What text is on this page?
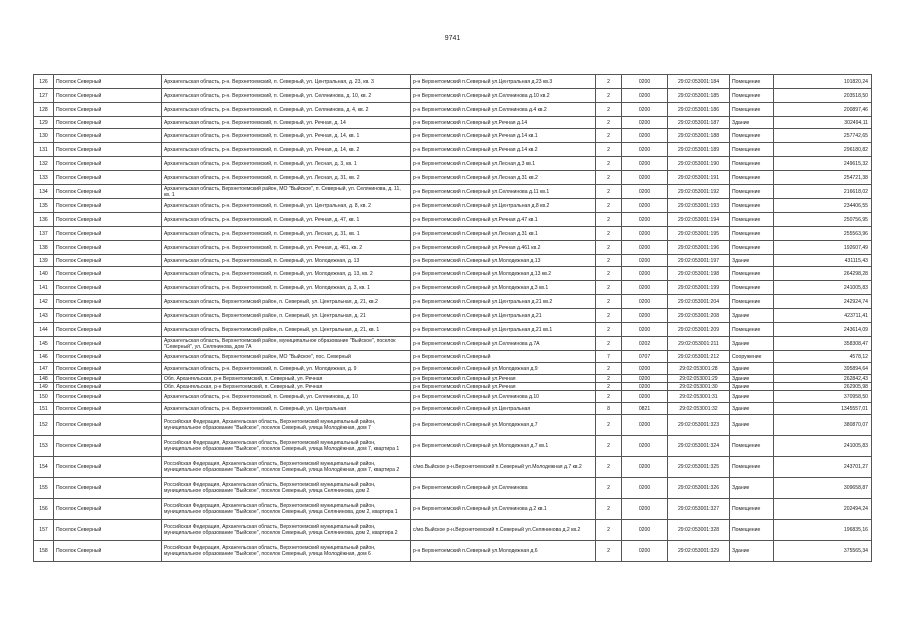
9741
126	Поселок Северный	Архангельская область, р-н. Верхнетоемский, п. Северный, ул. Центральная, д. 23, кв. 3	р-н Верхнетоемский п.Северный ул.Центральная д.23 кв.3	2	0200	29:02:053001:184	Помещение	101820,24
127	Поселок Северный	Архангельская область, р-н. Верхнетоемский, п. Северный, ул. Селянинова, д. 10, кв. 2	р-н Верхнетоемский п.Северный ул.Селянинова д.10 кв.2	2	0200	29:02:053001:185	Помещение	203518,50
128	Поселок Северный	Архангельская область, р-н. Верхнетоемский, п. Северный, ул. Селянинова, д. 4, кв. 2	р-н Верхнетоемский п.Северный ул.Селянинова д.4 кв.2	2	0200	29:02:053001:186	Помещение	200897,46
129	Поселок Северный	Архангельская область, р-н. Верхнетоемский, п. Северный, ул. Речная, д. 14	р-н Верхнетоемский п.Северный ул.Речная д.14	2	0200	29:02:053001:187	Здание	302494,11
130	Поселок Северный	Архангельская область, р-н. Верхнетоемский, п. Северный, ул. Речная, д. 14, кв. 1	р-н Верхнетоемский п.Северный ул.Речная д.14 кв.1	2	0200	29:02:053001:188	Помещение	257742,65
131	Поселок Северный	Архангельская область, р-н. Верхнетоемский, п. Северный, ул. Речная, д. 14, кв. 2	р-н Верхнетоемский п.Северный ул.Речная д.14 кв.2	2	0200	29:02:053001:189	Помещение	296180,82
132	Поселок Северный	Архангельская область, р-н. Верхнетоемский, п. Северный, ул. Лесная, д. 3, кв. 1	р-н Верхнетоемский п.Северный ул.Лесная д.3 кв.1	2	0200	29:02:053001:190	Помещение	249615,32
133	Поселок Северный	Архангельская область, р-н. Верхнетоемский, п. Северный, ул. Лесная, д. 31, кв. 2	р-н Верхнетоемский п.Северный ул.Лесная д.31 кв.2	2	0200	29:02:053001:191	Помещение	254721,38
134	Поселок Северный	Архангельская область, Верхнетоемский район, МО "Выйское", п. Северный, ул. Селянинова, д. 11, кв. 1	р-н Верхнетоемский п.Северный ул.Селянинова д.11 кв.1	2	0200	29:02:053001:192	Помещение	216618,02
135	Поселок Северный	Архангельская область, р-н. Верхнетоемский, п. Северный, ул. Центральная, д. 8, кв. 2	р-н Верхнетоемский п.Северный ул.Центральная д.8 кв.2	2	0200	29:02:053001:193	Помещение	234406,55
136	Поселок Северный	Архангельская область, р-н. Верхнетоемский, п. Северный, ул. Речная, д. 47, кв. 1	р-н Верхнетоемский п.Северный ул.Речная д.47 кв.1	2	0200	29:02:053001:194	Помещение	250756,95
137	Поселок Северный	Архангельская область, р-н. Верхнетоемский, п. Северный, ул. Лесная, д. 31, кв. 1	р-н Верхнетоемский п.Северный ул.Лесная д.31 кв.1	2	0200	29:02:053001:195	Помещение	255563,96
138	Поселок Северный	Архангельская область, р-н. Верхнетоемский, п. Северный, ул. Речная, д. 461, кв. 2	р-н Верхнетоемский п.Северный ул.Речная д.461 кв.2	2	0200	29:02:053001:196	Помещение	192607,49
139	Поселок Северный	Архангельская область, р-н. Верхнетоемский, п. Северный, ул. Молодежная, д. 13	р-н Верхнетоемский п.Северный ул.Молодежная д.13	2	0200	29:02:053001:197	Здание	431115,43
140	Поселок Северный	Архангельская область, р-н. Верхнетоемский, п. Северный, ул. Молодежная, д. 13, кв. 2	р-н Верхнетоемский п.Северный ул.Молодежная д.13 кв.2	2	0200	29:02:053001:198	Помещение	264298,28
141	Поселок Северный	Архангельская область, р-н. Верхнетоемский, п. Северный, ул. Молодежная, д. 3, кв. 1	р-н Верхнетоемский п.Северный ул.Молодежная д.3 кв.1	2	0200	29:02:053001:199	Помещение	241005,83
142	Поселок Северный	Архангельская область, Верхнетоемский район, п. Северный, ул. Центральная, д. 21, кв.2	р-н Верхнетоемский п.Северный ул.Центральная д.21 кв.2	2	0200	29:02:053001:204	Помещение	242924,74
143	Поселок Северный	Архангельская область, Верхнетоемский район, п. Северный, ул. Центральная, д. 21	р-н Верхнетоемский п.Северный ул.Центральная д.21	2	0200	29:02:053001:208	Здание	423711,41
144	Поселок Северный	Архангельская область, Верхнетоемский район, п. Северный, ул. Центральная, д. 21, кв. 1	р-н Верхнетоемский п.Северный ул.Центральная д.21 кв.1	2	0200	29:02:053001:209	Помещение	243614,09
145	Поселок Северный	Архангельская область, Верхнетоемский район, муниципальное образование "Выйское", поселок "Северный", ул. Селянинова, дом 7А	р-н Верхнетоемский п.Северный ул.Селянинова д.7А	2	0202	29:02:053001:211	Здание	358308,47
146	Поселок Северный	Архангельская область, Верхнетоемский район, МО "Выйское", пос. Северный	р-н Верхнетоемский п.Северный	7	0707	29:02:053001:212	Сооружение	4578,12
147	Поселок Северный	Архангельская область, р-н. Верхнетоемский, п. Северный, ул. Молодежная, д. 9	р-н Верхнетоемский п.Северный ул.Молодежная д.9	2	0200	29:02:053001:28	Здание	395894,64
148	Поселок Северный	Обл. Архангельская, р-н Верхнетоемский, п. Северный, ул. Речная	р-н Верхнетоемский п.Северный ул.Речная	2	0200	29:02:053001:29	Здание	262842,43
149	Поселок Северный	Обл. Архангельская, р-н Верхнетоемский, п. Северный, ул. Речная	р-н Верхнетоемский п.Северный ул.Речная	2	0200	29:02:053001:30	Здание	262905,98
150	Поселок Северный	Архангельская область, р-н. Верхнетоемский, п. Северный, ул. Селянинова, д. 10	р-н Верхнетоемский п.Северный ул.Селянинова д.10	2	0200	29:02:053001:31	Здание	370958,50
151	Поселок Северный	Архангельская область, р-н. Верхнетоемский, п. Северный, ул. Центральная	р-н Верхнетоемский п.Северный ул.Центральная	8	0821	29:02:053001:32	Здание	1345557,01
152	Поселок Северный	Российская Федерация, Архангельская область, Верхнетоемский муниципальный район, муниципальное образование "Выйское", поселок Северный, улица Молодёжная, дом 7	р-н Верхнетоемский п.Северный ул.Молодежная д.7	2	0200	29:02:053001:323	Здание	380870,07
153	Поселок Северный	Российская Федерация, Архангельская область, Верхнетоемский муниципальный район, муниципальное образование "Выйское", поселок Северный, улица Молодёжная, дом 7, квартира 1	р-н Верхнетоемский п.Северный ул.Молодежная д.7 кв.1	2	0200	29:02:053001:324	Помещение	241005,83
154	Поселок Северный	Российская Федерация, Архангельская область, Верхнетоемский муниципальный район, муниципальное образование "Выйское", поселок Северный, улица Молодёжная, дом 7, квартира 2	с/мо.Выйское р-н.Верхнетоемский п.Северный ул.Молодежная д.7 кв.2	2	0200	29:02:053001:325	Помещение	243701,27
155	Поселок Северный	Российская Федерация, Архангельская область, Верхнетоемский муниципальный район, муниципальное образование "Выйское", поселок Северный, улица Селянинова, дом 2	р-н Верхнетоемский п.Северный ул.Селянинова	2	0200	29:02:053001:326	Здание	309658,87
156	Поселок Северный	Российская Федерация, Архангельская область, Верхнетоемский муниципальный район, муниципальное образование "Выйское", поселок Северный, улица Селянинова, дом 2, квартира 1	р-н Верхнетоемский п.Северный ул.Селянинова д.2 кв.1	2	0200	29:02:053001:327	Помещение	202494,24
157	Поселок Северный	Российская Федерация, Архангельская область, Верхнетоемский муниципальный район, муниципальное образование "Выйское", поселок Северный, улица Селянинова, дом 2, квартира 2	с/мо.Выйское р-н.Верхнетоемский п.Северный ул.Селянинова д.2 кв.2	2	0200	29:02:053001:328	Помещение	196835,16
158	Поселок Северный	Российская Федерация, Архангельская область, Верхнетоемский муниципальный район, муниципальное образование "Выйское", поселок Северный, улица Молодёжная, дом 6	р-н Верхнетоемский п.Северный ул.Молодежная д.6	2	0200	29:02:053001:329	Здание	375565,34
